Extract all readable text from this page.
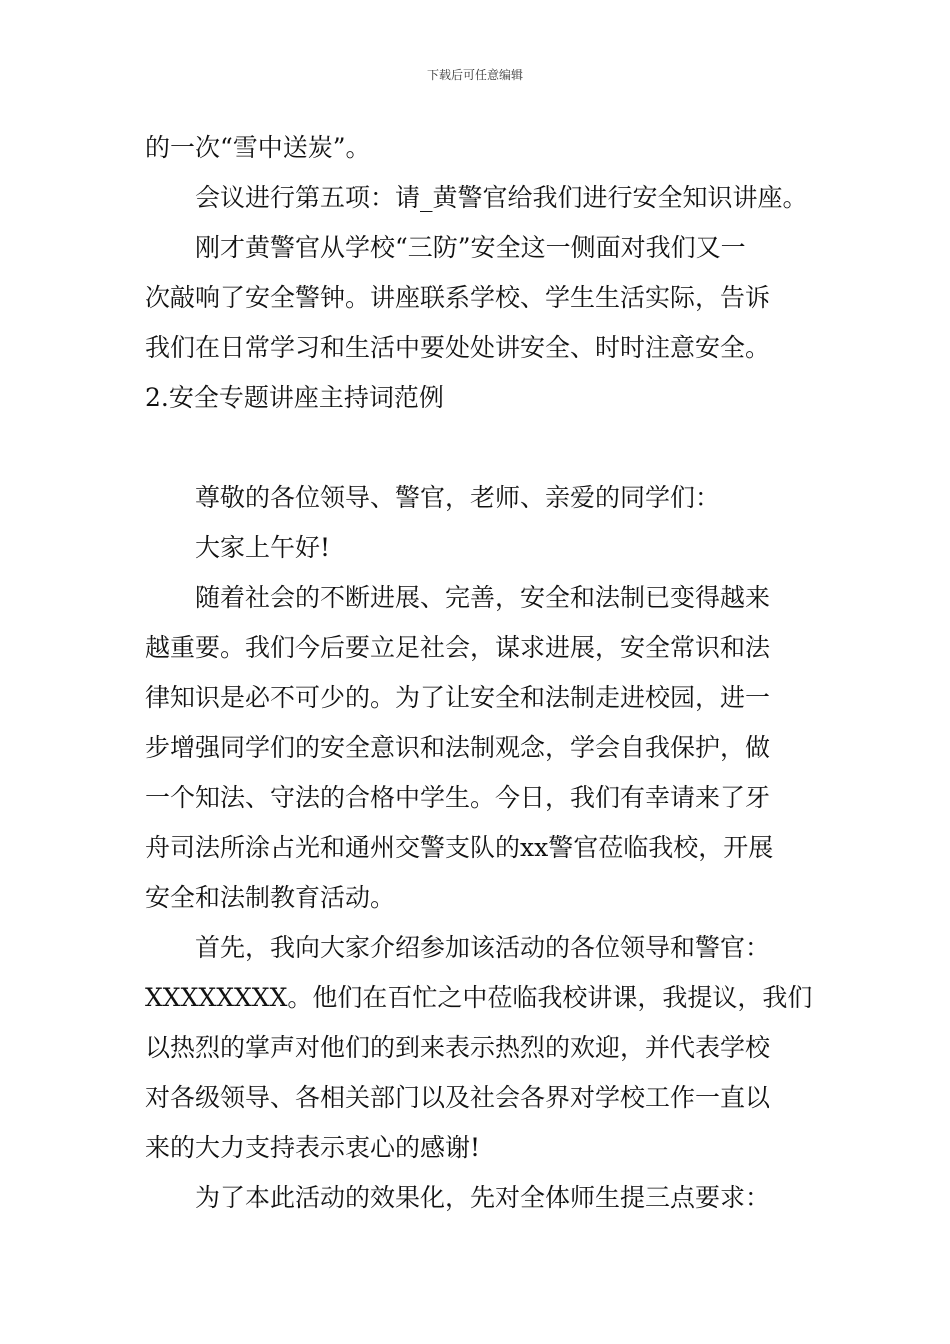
下载后可任意编辑
的一次“雪中送炭”。
会议进行第五项：请_黄警官给我们进行安全知识讲座。
刚才黄警官从学校“三防”安全这一侧面对我们又一
次敲响了安全警钟。讲座联系学校、学生生活实际，告诉
我们在日常学习和生活中要处处讲安全、时时注意安全。
2.安全专题讲座主持词范例
尊敬的各位领导、警官，老师、亲爱的同学们：
大家上午好!
随着社会的不断进展、完善，安全和法制已变得越来
越重要。我们今后要立足社会，谋求进展，安全常识和法
律知识是必不可少的。为了让安全和法制走进校园，进一
步增强同学们的安全意识和法制观念，学会自我保护，做
一个知法、守法的合格中学生。今日，我们有幸请来了牙
舟司法所涂占光和通州交警支队的xx警官莅临我校，开展
安全和法制教育活动。
首先，我向大家介绍参加该活动的各位领导和警官：
XXXXXXXX。他们在百忙之中莅临我校讲课，我提议，我们
以热烈的掌声对他们的到来表示热烈的欢迎，并代表学校
对各级领导、各相关部门以及社会各界对学校工作一直以
来的大力支持表示衷心的感谢!
为了本此活动的效果化，先对全体师生提三点要求：
